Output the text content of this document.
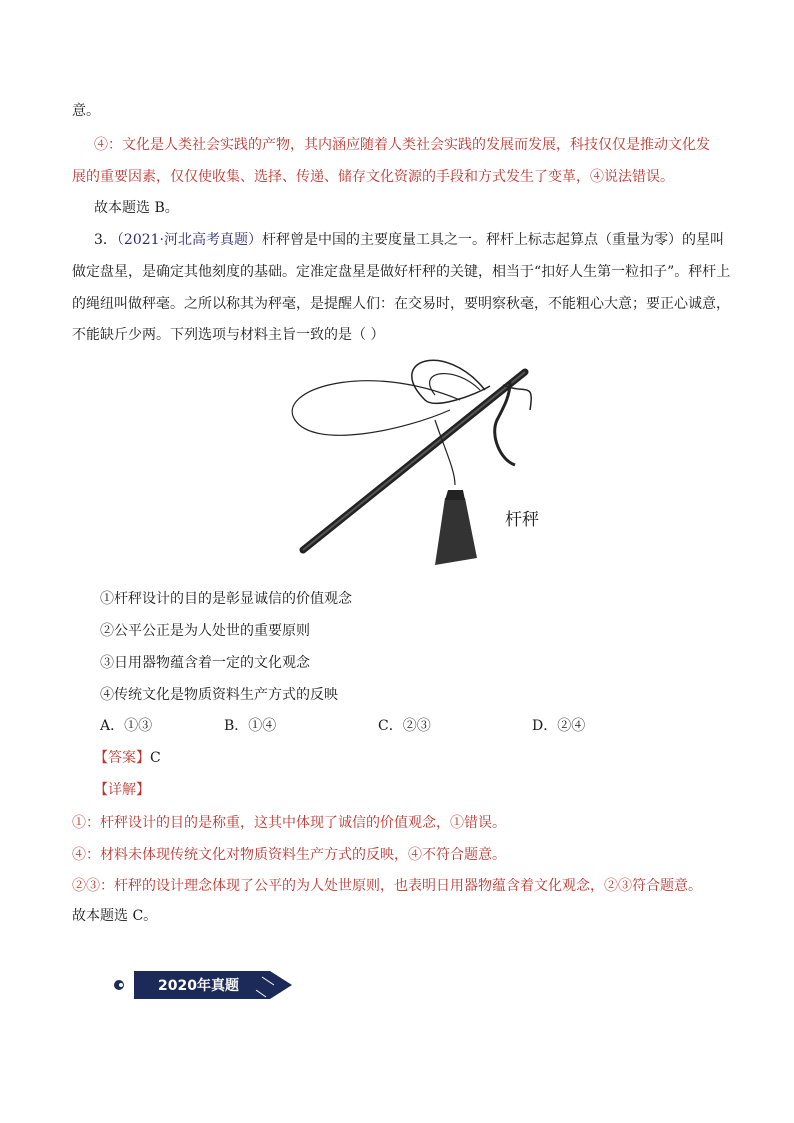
意。
④：文化是人类社会实践的产物，其内涵应随着人类社会实践的发展而发展，科技仅仅是推动文化发
展的重要因素，仅仅使收集、选择、传递、储存文化资源的手段和方式发生了变革，④说法错误。
故本题选 B。
3．（2021·河北高考真题）杆秤曾是中国的主要度量工具之一。秤杆上标志起算点（重量为零）的星叫
做定盘星，是确定其他刻度的基础。定准定盘星是做好杆秤的关键，相当于“扣好人生第一粒扣子”。秤杆上
的绳纽叫做秤毫。之所以称其为秤毫，是提醒人们：在交易时，要明察秋毫，不能粗心大意；要正心诚意，
不能缺斤少两。下列选项与材料主旨一致的是（ ）
杆秤
①杆秤设计的目的是彰显诚信的价值观念
②公平公正是为人处世的重要原则
③日用器物蕴含着一定的文化观念
④传统文化是物质资料生产方式的反映
A．①③	B．①④	C．②③	D．②④
【答案】C
【详解】
①：杆秤设计的目的是称重，这其中体现了诚信的价值观念，①错误。
④：材料未体现传统文化对物质资料生产方式的反映，④不符合题意。
②③：杆秤的设计理念体现了公平的为人处世原则，也表明日用器物蕴含着文化观念，②③符合题意。
故本题选 C。
2020年真题
